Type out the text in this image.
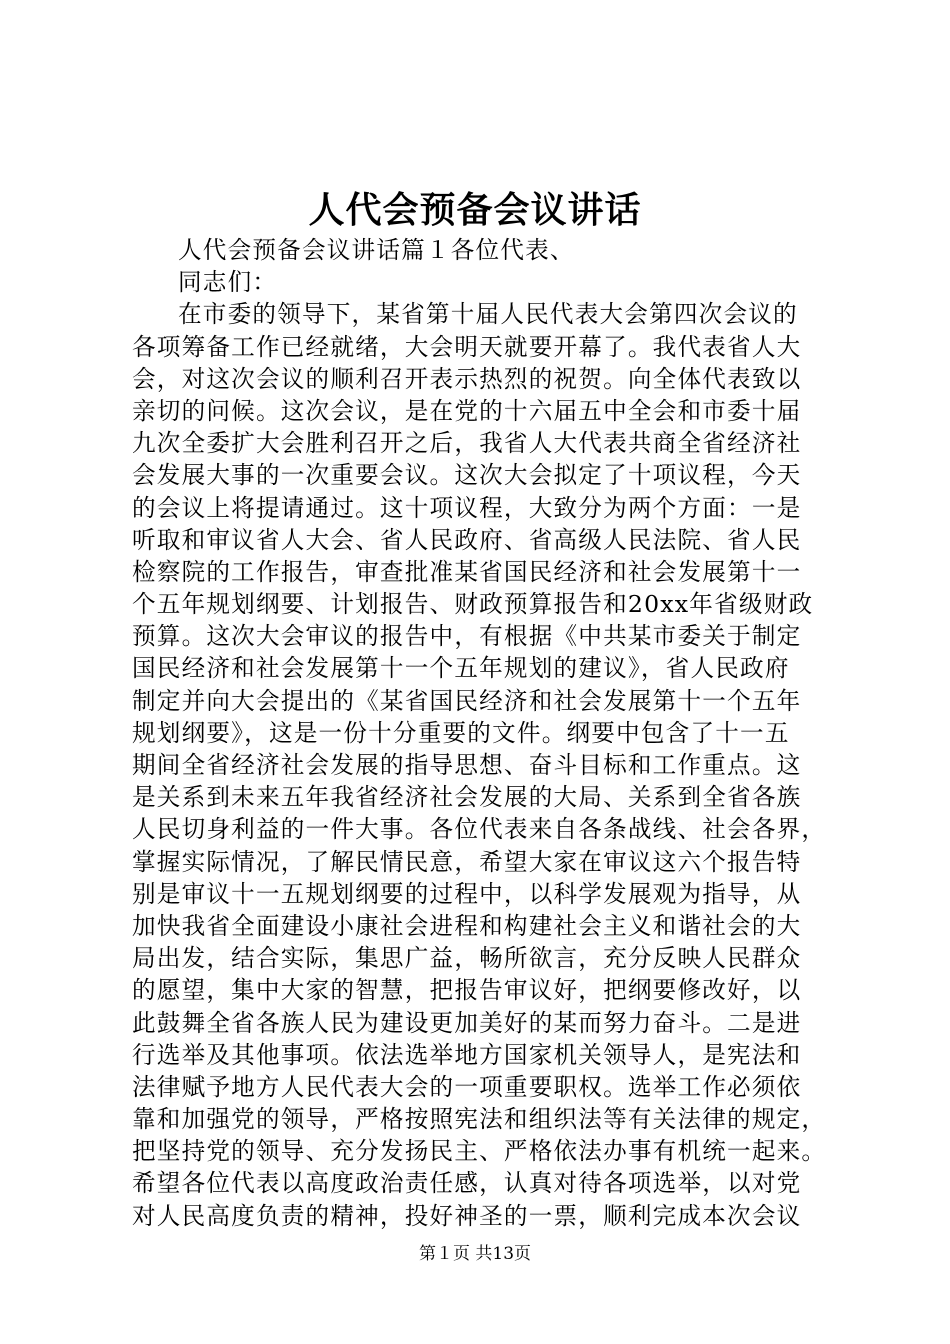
人代会预备会议讲话
人代会预备会议讲话篇１各位代表、
同志们：
在市委的领导下，某省第十届人民代表大会第四次会议的
各项筹备工作已经就绪，大会明天就要开幕了。我代表省人大
会，对这次会议的顺利召开表示热烈的祝贺。向全体代表致以
亲切的问候。这次会议，是在党的十六届五中全会和市委十届
九次全委扩大会胜利召开之后，我省人大代表共商全省经济社
会发展大事的一次重要会议。这次大会拟定了十项议程，今天
的会议上将提请通过。这十项议程，大致分为两个方面：一是
听取和审议省人大会、省人民政府、省高级人民法院、省人民
检察院的工作报告，审查批准某省国民经济和社会发展第十一
个五年规划纲要、计划报告、财政预算报告和20xx年省级财政
预算。这次大会审议的报告中，有根据《中共某市委关于制定
国民经济和社会发展第十一个五年规划的建议》，省人民政府
制定并向大会提出的《某省国民经济和社会发展第十一个五年
规划纲要》，这是一份十分重要的文件。纲要中包含了十一五
期间全省经济社会发展的指导思想、奋斗目标和工作重点。这
是关系到未来五年我省经济社会发展的大局、关系到全省各族
人民切身利益的一件大事。各位代表来自各条战线、社会各界，
掌握实际情况，了解民情民意，希望大家在审议这六个报告特
别是审议十一五规划纲要的过程中，以科学发展观为指导，从
加快我省全面建设小康社会进程和构建社会主义和谐社会的大
局出发，结合实际，集思广益，畅所欲言，充分反映人民群众
的愿望，集中大家的智慧，把报告审议好，把纲要修改好，以
此鼓舞全省各族人民为建设更加美好的某而努力奋斗。二是进
行选举及其他事项。依法选举地方国家机关领导人，是宪法和
法律赋予地方人民代表大会的一项重要职权。选举工作必须依
靠和加强党的领导，严格按照宪法和组织法等有关法律的规定，
把坚持党的领导、充分发扬民主、严格依法办事有机统一起来。
希望各位代表以高度政治责任感，认真对待各项选举，以对党
对人民高度负责的精神，投好神圣的一票，顺利完成本次会议
第１页 共13页
